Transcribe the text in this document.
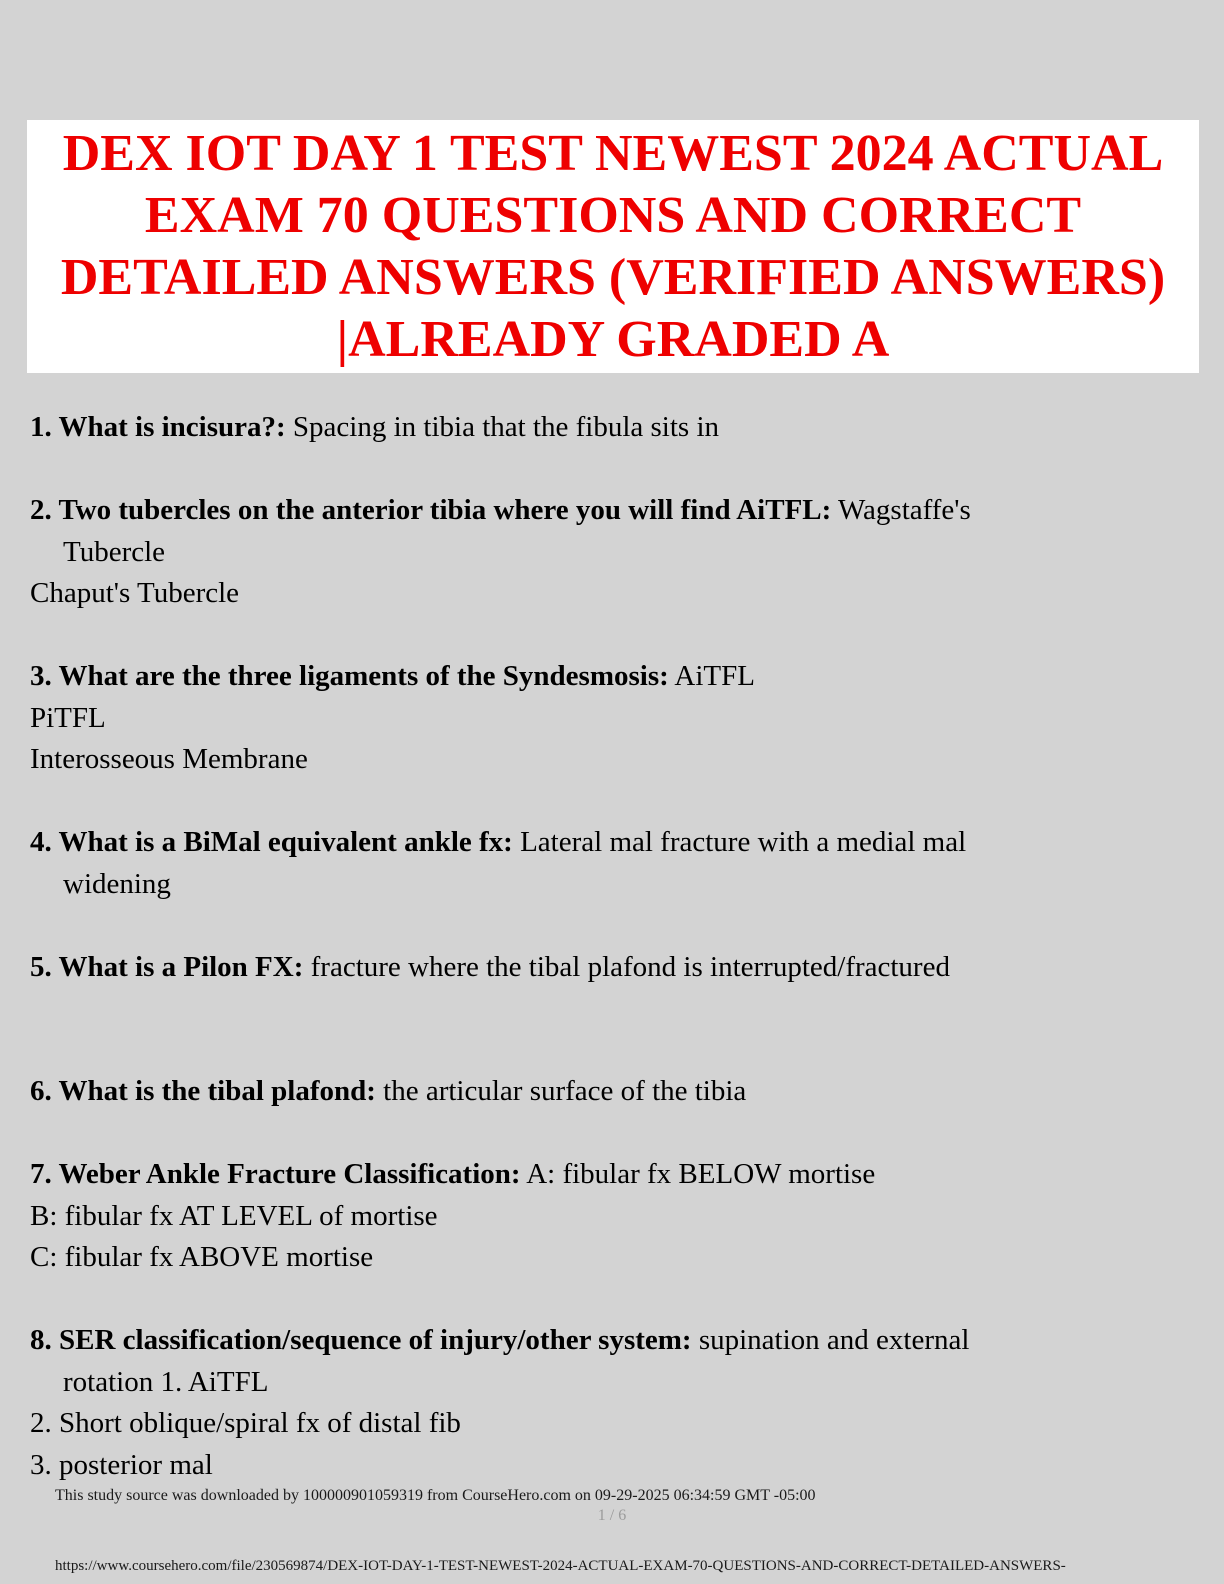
DEX IOT DAY 1 TEST NEWEST 2024 ACTUAL
EXAM 70 QUESTIONS AND CORRECT
DETAILED ANSWERS (VERIFIED ANSWERS)
|ALREADY GRADED A
1. What is incisura?: Spacing in tibia that the fibula sits in
2. Two tubercles on the anterior tibia where you will find AiTFL: Wagstaffe's
Tubercle
Chaput's Tubercle
3. What are the three ligaments of the Syndesmosis: AiTFL
PiTFL
Interosseous Membrane
4. What is a BiMal equivalent ankle fx: Lateral mal fracture with a medial mal
widening
5. What is a Pilon FX: fracture where the tibal plafond is interrupted/fractured
6. What is the tibal plafond: the articular surface of the tibia
7. Weber Ankle Fracture Classification: A: fibular fx BELOW mortise
B: fibular fx AT LEVEL of mortise
C: fibular fx ABOVE mortise
8. SER classification/sequence of injury/other system: supination and external
rotation 1. AiTFL
2. Short oblique/spiral fx of distal fib
3. posterior mal
This study source was downloaded by 100000901059319 from CourseHero.com on 09-29-2025 06:34:59 GMT -05:00
1 / 6
https://www.coursehero.com/file/230569874/DEX-IOT-DAY-1-TEST-NEWEST-2024-ACTUAL-EXAM-70-QUESTIONS-AND-CORRECT-DETAILED-ANSWERS-
